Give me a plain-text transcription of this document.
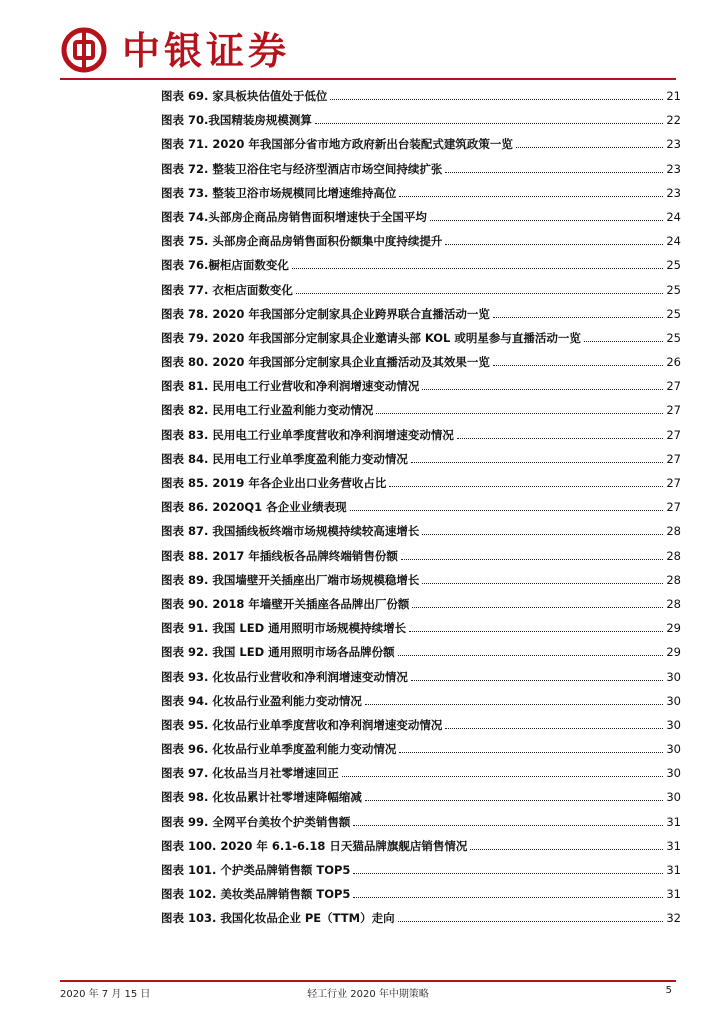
中银证券
图表 69. 家具板块估值处于低位	21
图表 70.我国精装房规模测算	22
图表 71. 2020 年我国部分省市地方政府新出台装配式建筑政策一览	23
图表 72. 整装卫浴住宅与经济型酒店市场空间持续扩张	23
图表 73. 整装卫浴市场规模同比增速维持高位	23
图表 74.头部房企商品房销售面积增速快于全国平均	24
图表 75. 头部房企商品房销售面积份额集中度持续提升	24
图表 76.橱柜店面数变化	25
图表 77. 衣柜店面数变化	25
图表 78. 2020 年我国部分定制家具企业跨界联合直播活动一览	25
图表 79. 2020 年我国部分定制家具企业邀请头部 KOL 或明星参与直播活动一览	25
图表 80. 2020 年我国部分定制家具企业直播活动及其效果一览	26
图表 81. 民用电工行业营收和净利润增速变动情况	27
图表 82. 民用电工行业盈利能力变动情况	27
图表 83. 民用电工行业单季度营收和净利润增速变动情况	27
图表 84. 民用电工行业单季度盈利能力变动情况	27
图表 85. 2019 年各企业出口业务营收占比	27
图表 86. 2020Q1 各企业业绩表现	27
图表 87. 我国插线板终端市场规模持续较高速增长	28
图表 88. 2017 年插线板各品牌终端销售份额	28
图表 89. 我国墙壁开关插座出厂端市场规模稳增长	28
图表 90. 2018 年墙壁开关插座各品牌出厂份额	28
图表 91. 我国 LED 通用照明市场规模持续增长	29
图表 92. 我国 LED 通用照明市场各品牌份额	29
图表 93. 化妆品行业营收和净利润增速变动情况	30
图表 94. 化妆品行业盈利能力变动情况	30
图表 95. 化妆品行业单季度营收和净利润增速变动情况	30
图表 96. 化妆品行业单季度盈利能力变动情况	30
图表 97. 化妆品当月社零增速回正	30
图表 98. 化妆品累计社零增速降幅缩减	30
图表 99. 全网平台美妆个护类销售额	31
图表 100. 2020 年 6.1-6.18 日天猫品牌旗舰店销售情况	31
图表 101. 个护类品牌销售额 TOP5	31
图表 102. 美妆类品牌销售额 TOP5	31
图表 103. 我国化妆品企业 PE（TTM）走向	32
2020 年 7 月 15 日	轻工行业 2020 年中期策略	5
